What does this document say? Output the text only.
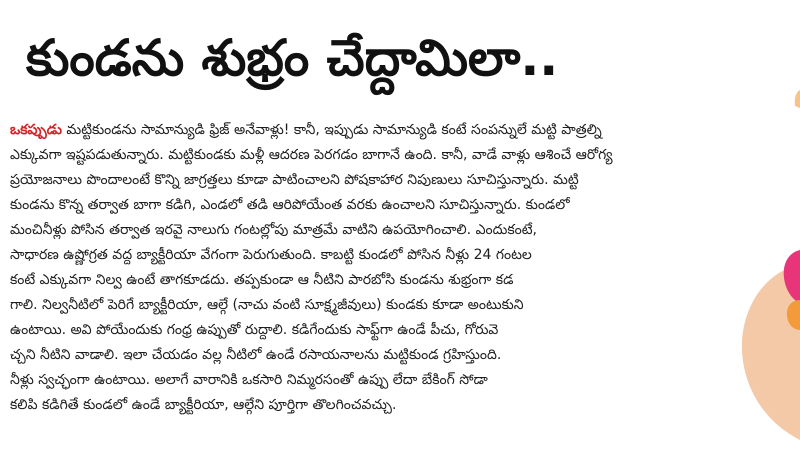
కుండను శుభ్రం చేద్దామిలా..
ఒకప్పుడు మట్టికుండను సామాన్యుడి ఫ్రిజ్ అనేవాళ్లు! కానీ, ఇప్పుడు సామాన్యుడి కంటే సంపన్నులే మట్టి పాత్రల్ని
ఎక్కువగా ఇష్టపడుతున్నారు. మట్టికుండకు మళ్లీ ఆదరణ పెరగడం బాగానే ఉంది. కానీ, వాడే వాళ్లు ఆశించే ఆరోగ్య
ప్రయోజనాలు పొందాలంటే కొన్ని జాగ్రత్తలు కూడా పాటించాలని పోషకాహార నిపుణులు సూచిస్తున్నారు. మట్టి
కుండను కొన్న తర్వాత బాగా కడిగి, ఎండలో తడి ఆరిపోయేంత వరకు ఉంచాలని సూచిస్తున్నారు. కుండలో
మంచినీళ్లు పోసిన తర్వాత ఇరవై నాలుగు గంటల్లోపు మాత్రమే వాటిని ఉపయోగించాలి. ఎందుకంటే,
సాధారణ ఉష్ణోగ్రత వద్ద బ్యాక్టీరియా వేగంగా పెరుగుతుంది. కాబట్టి కుండలో పోసిన నీళ్లు 24 గంటల
కంటే ఎక్కువగా నిల్వ ఉంటే తాగకూడదు. తప్పకుండా ఆ నీటిని పారబోసి కుండను శుభ్రంగా కడ
గాలి. నిల్వనీటిలో పెరిగే బ్యాక్టీరియా, ఆల్గే (నాచు వంటి సూక్ష్మజీవులు) కుండకు కూడా అంటుకుని
ఉంటాయి. అవి పోయేందుకు గంధ్ర ఉప్పుతో రుద్దాలి. కడిగేందుకు సాఫ్ట్‌గా ఉండే పీచు, గోరువె
చ్చని నీటిని వాడాలి. ఇలా చేయడం వల్ల నీటిలో ఉండే రసాయనాలను మట్టికుండ గ్రహిస్తుంది.
నీళ్లు స్వచ్ఛంగా ఉంటాయి. అలాగే వారానికి ఒకసారి నిమ్మరసంతో ఉప్పు లేదా బేకింగ్ సోడా
కలిపి కడిగితే కుండలో ఉండే బ్యాక్టీరియా, ఆల్గేని పూర్తిగా తొలగించవచ్చు.
